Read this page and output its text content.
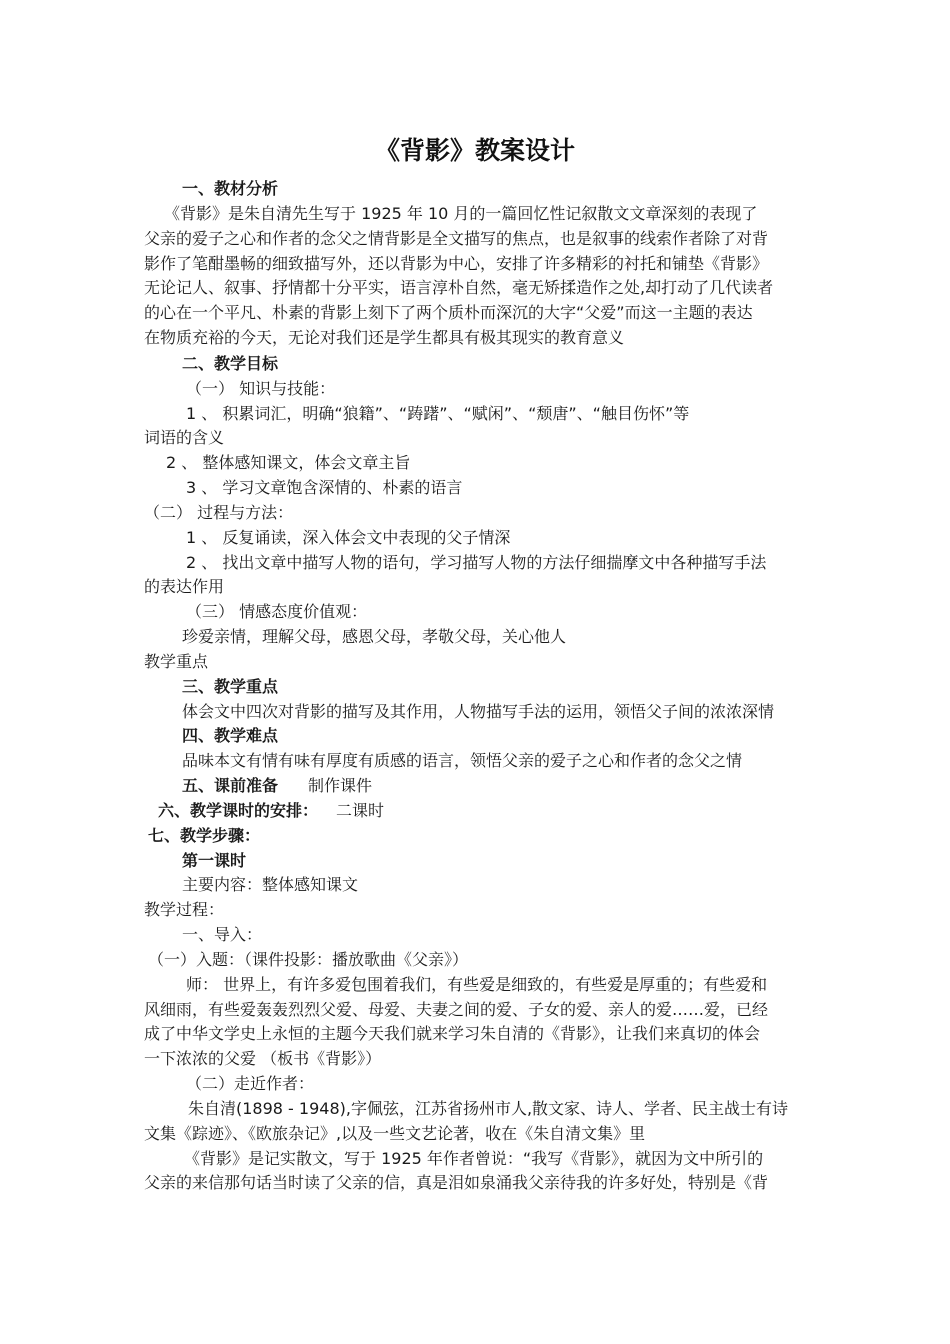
《背影》教案设计
一、教材分析
《背影》是朱自清先生写于 1925 年 10 月的一篇回忆性记叙散文文章深刻的表现了
父亲的爱子之心和作者的念父之情背影是全文描写的焦点，也是叙事的线索作者除了对背
影作了笔酣墨畅的细致描写外，还以背影为中心，安排了许多精彩的衬托和铺垫《背影》
无论记人、叙事、抒情都十分平实，语言淳朴自然，毫无矫揉造作之处,却打动了几代读者
的心在一个平凡、朴素的背影上刻下了两个质朴而深沉的大字“父爱”而这一主题的表达
在物质充裕的今天，无论对我们还是学生都具有极其现实的教育意义
二、教学目标
（一） 知识与技能：
1 、 积累词汇，明确“狼籍”、“踌躇”、“赋闲”、“颓唐”、“触目伤怀”等
词语的含义
2 、 整体感知课文，体会文章主旨
3 、 学习文章饱含深情的、朴素的语言
（二） 过程与方法：
1 、 反复诵读，深入体会文中表现的父子情深
2 、 找出文章中描写人物的语句，学习描写人物的方法仔细揣摩文中各种描写手法
的表达作用
（三） 情感态度价值观：
珍爱亲情，理解父母，感恩父母，孝敬父母，关心他人
教学重点
三、教学重点
体会文中四次对背影的描写及其作用，人物描写手法的运用，领悟父子间的浓浓深情
四、教学难点
品味本文有情有味有厚度有质感的语言，领悟父亲的爱子之心和作者的念父之情
五、课前准备 制作课件
六、教学课时的安排： 二课时
七、教学步骤：
第一课时
主要内容：整体感知课文
教学过程：
一、导入：
（一）入题：（课件投影：播放歌曲《父亲》）
师： 世界上，有许多爱包围着我们，有些爱是细致的，有些爱是厚重的；有些爱和
风细雨，有些爱轰轰烈烈父爱、母爱、夫妻之间的爱、子女的爱、亲人的爱……爱，已经
成了中华文学史上永恒的主题今天我们就来学习朱自清的《背影》，让我们来真切的体会
一下浓浓的父爱 （板书《背影》）
（二）走近作者：
朱自清(1898 - 1948),字佩弦，江苏省扬州市人,散文家、诗人、学者、民主战士有诗
文集《踪迹》、《欧旅杂记》,以及一些文艺论著，收在《朱自清文集》里
《背影》是记实散文，写于 1925 年作者曾说：“我写《背影》，就因为文中所引的
父亲的来信那句话当时读了父亲的信，真是泪如泉涌我父亲待我的许多好处，特别是《背
